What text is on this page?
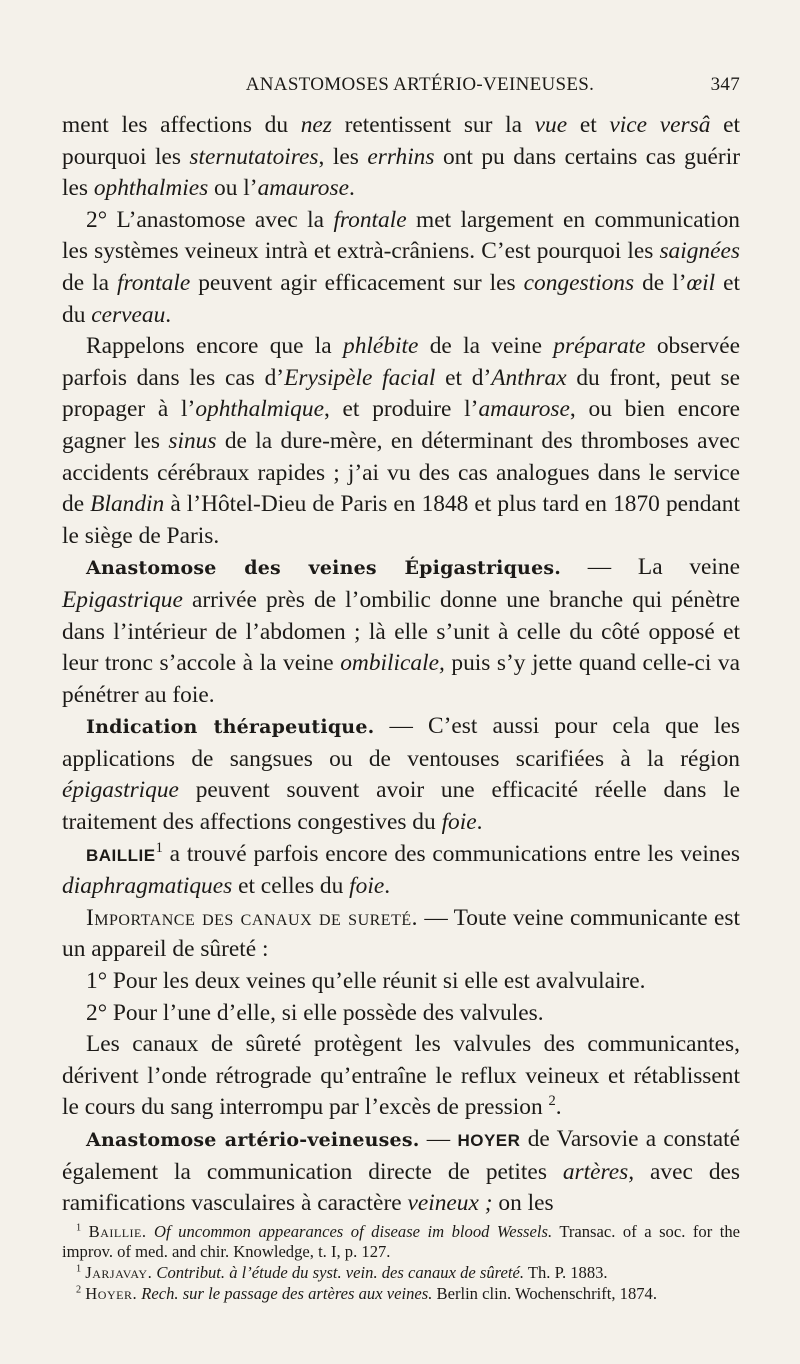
ANASTOMOSES ARTÉRIO-VEINEUSES.	347

ment les affections du nez retentissent sur la vue et vice versâ et pourquoi les sternutatoires, les errhins ont pu dans certains cas guérir les ophthalmies ou l’amaurose.

2° L’anastomose avec la frontale met largement en communication les systèmes veineux intrà et extrà-crâniens. C’est pourquoi les saignées de la frontale peuvent agir efficacement sur les congestions de l’œil et du cerveau.

Rappelons encore que la phlébite de la veine préparate observée parfois dans les cas d’Erysipèle facial et d’Anthrax du front, peut se propager à l’ophthalmique, et produire l’amaurose, ou bien encore gagner les sinus de la dure-mère, en déterminant des thromboses avec accidents cérébraux rapides ; j’ai vu des cas analogues dans le service de Blandin à l’Hôtel-Dieu de Paris en 1848 et plus tard en 1870 pendant le siège de Paris.

Anastomose des veines Épigastriques. — La veine Epigastrique arrivée près de l’ombilic donne une branche qui pénètre dans l’intérieur de l’abdomen ; là elle s’unit à celle du côté opposé et leur tronc s’accole à la veine ombilicale, puis s’y jette quand celle-ci va pénétrer au foie.

Indication thérapeutique. — C’est aussi pour cela que les applications de sangsues ou de ventouses scarifiées à la région épigastrique peuvent souvent avoir une efficacité réelle dans le traitement des affections congestives du foie.

BAILLIE$^1$ a trouvé parfois encore des communications entre les veines diaphragmatiques et celles du foie.

Importance des canaux de sureté. — Toute veine communicante est un appareil de sûreté :

1° Pour les deux veines qu’elle réunit si elle est avalvulaire.

2° Pour l’une d’elle, si elle possède des valvules.

Les canaux de sûreté protègent les valvules des communicantes, dérivent l’onde rétrograde qu’entraîne le reflux veineux et rétablissent le cours du sang interrompu par l’excès de pression $^2$.

Anastomose artério-veineuses. — HOYER de Varsovie a constaté également la communication directe de petites artères, avec des ramifications vasculaires à caractère veineux ; on les

$^1$ Baillie. Of uncommon appearances of disease im blood Wessels. Transac. of a soc. for the improv. of med. and chir. Knowledge, t. I, p. 127.

$^1$ Jarjavay. Contribut. à l’étude du syst. vein. des canaux de sûreté. Th. P. 1883.

$^2$ Hoyer. Rech. sur le passage des artères aux veines. Berlin clin. Wochenschrift, 1874.
